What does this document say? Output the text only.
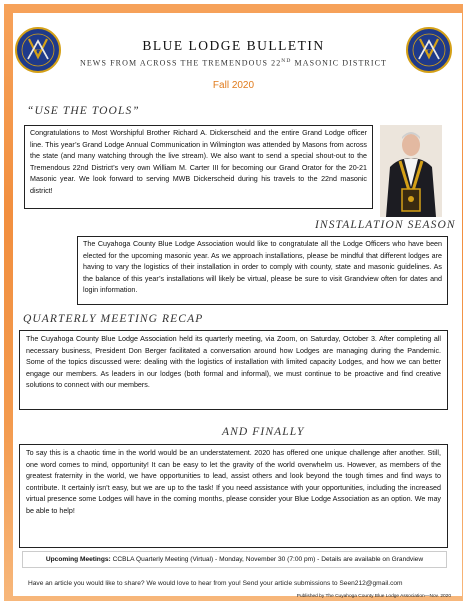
G	G
BLUE LODGE BULLETIN
NEWS FROM ACROSS THE TREMENDOUS 22ND MASONIC DISTRICT
Fall 2020
“USE THE TOOLS”

Congratulations to Most Worshipful Brother Richard A. Dickerscheid and the entire Grand Lodge officer line. This year’s Grand Lodge Annual Communication in Wilmington was attended by Masons from across the state (and many watching through the live stream). We also want to send a special shout-out to the Tremendous 22nd District’s very own William M. Carter III for becoming our Grand Orator for the 20-21 Masonic year. We look forward to serving MWB Dickerscheid during his travels to the 22nd masonic district!

INSTALLATION SEASON

The Cuyahoga County Blue Lodge Association would like to congratulate all the Lodge Officers who have been elected for the upcoming masonic year. As we approach installations, please be mindful that different lodges are having to vary the logistics of their installation in order to comply with county, state and masonic guidelines. As the balance of this year’s installations will likely be virtual, please be sure to visit Grandview often for dates and login information.

QUARTERLY MEETING RECAP

The Cuyahoga County Blue Lodge Association held its quarterly meeting, via Zoom, on Saturday, October 3. After completing all necessary business, President Don Berger facilitated a conversation around how Lodges are managing during the Pandemic. Some of the topics discussed were: dealing with the logistics of installation with limited capacity Lodges, and how we can better engage our members. As leaders in our lodges (both formal and informal), we must continue to be proactive and find creative solutions to connect with our members.

AND FINALLY

To say this is a chaotic time in the world would be an understatement. 2020 has offered one unique challenge after another. Still, one word comes to mind, opportunity! It can be easy to let the gravity of the world overwhelm us. However, as members of the greatest fraternity in the world, we have opportunities to lead, assist others and look beyond the tough times and find ways to contribute. It certainly isn’t easy, but we are up to the task! If you need assistance with your opportunities, including the increased virtual presence some Lodges will have in the coming months, please consider your Blue Lodge Association as an option. We may be able to help!

Upcoming Meetings: CCBLA Quarterly Meeting (Virtual) - Monday, November 30 (7:00 pm) - Details are available on Grandview
Have an article you would like to share? We would love to hear from you! Send your article submissions to Seen212@gmail.com
Published by The Cuyahoga County Blue Lodge Association—Nov. 2020
